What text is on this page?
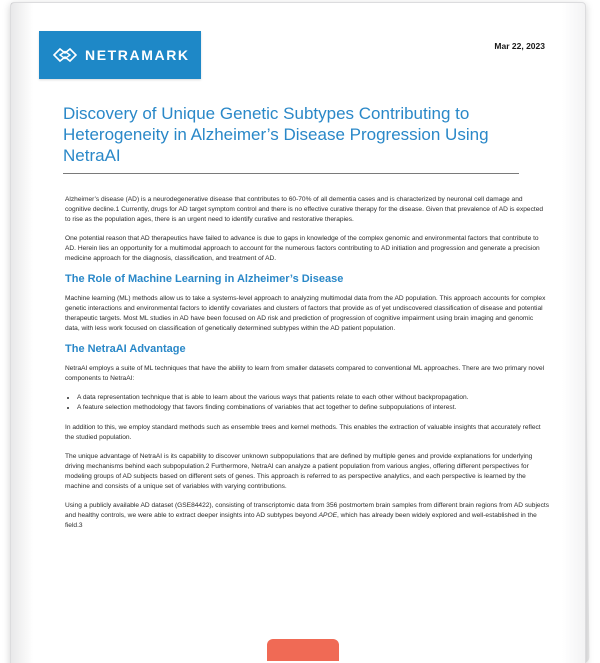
NETRAMARK
Mar 22, 2023
Discovery of Unique Genetic Subtypes Contributing to Heterogeneity in Alzheimer’s Disease Progression Using NetraAI

Alzheimer’s disease (AD) is a neurodegenerative disease that contributes to 60-70% of all dementia cases and is characterized by neuronal cell damage and cognitive decline.1 Currently, drugs for AD target symptom control and there is no effective curative therapy for the disease. Given that prevalence of AD is expected to rise as the population ages, there is an urgent need to identify curative and restorative therapies.

One potential reason that AD therapeutics have failed to advance is due to gaps in knowledge of the complex genomic and environmental factors that contribute to AD. Herein lies an opportunity for a multimodal approach to account for the numerous factors contributing to AD initiation and progression and generate a precision medicine approach for the diagnosis, classification, and treatment of AD.

The Role of Machine Learning in Alzheimer’s Disease

Machine learning (ML) methods allow us to take a systems-level approach to analyzing multimodal data from the AD population. This approach accounts for complex genetic interactions and environmental factors to identify covariates and clusters of factors that provide as of yet undiscovered classification of disease and potential therapeutic targets. Most ML studies in AD have been focused on AD risk and prediction of progression of cognitive impairment using brain imaging and genomic data, with less work focused on classification of genetically determined subtypes within the AD patient population.

The NetraAI Advantage

NetraAI employs a suite of ML techniques that have the ability to learn from smaller datasets compared to conventional ML approaches. There are two primary novel components to NetraAI:

• A data representation technique that is able to learn about the various ways that patients relate to each other without backpropagation.
• A feature selection methodology that favors finding combinations of variables that act together to define subpopulations of interest.

In addition to this, we employ standard methods such as ensemble trees and kernel methods. This enables the extraction of valuable insights that accurately reflect the studied population.

The unique advantage of NetraAI is its capability to discover unknown subpopulations that are defined by multiple genes and provide explanations for underlying driving mechanisms behind each subpopulation.2 Furthermore, NetraAI can analyze a patient population from various angles, offering different perspectives for modeling groups of AD subjects based on different sets of genes. This approach is referred to as perspective analytics, and each perspective is learned by the machine and consists of a unique set of variables with varying contributions.

Using a publicly available AD dataset (GSE84422), consisting of transcriptomic data from 356 postmortem brain samples from different brain regions from AD subjects and healthy controls, we were able to extract deeper insights into AD subtypes beyond APOE, which has already been widely explored and well-established in the field.3
